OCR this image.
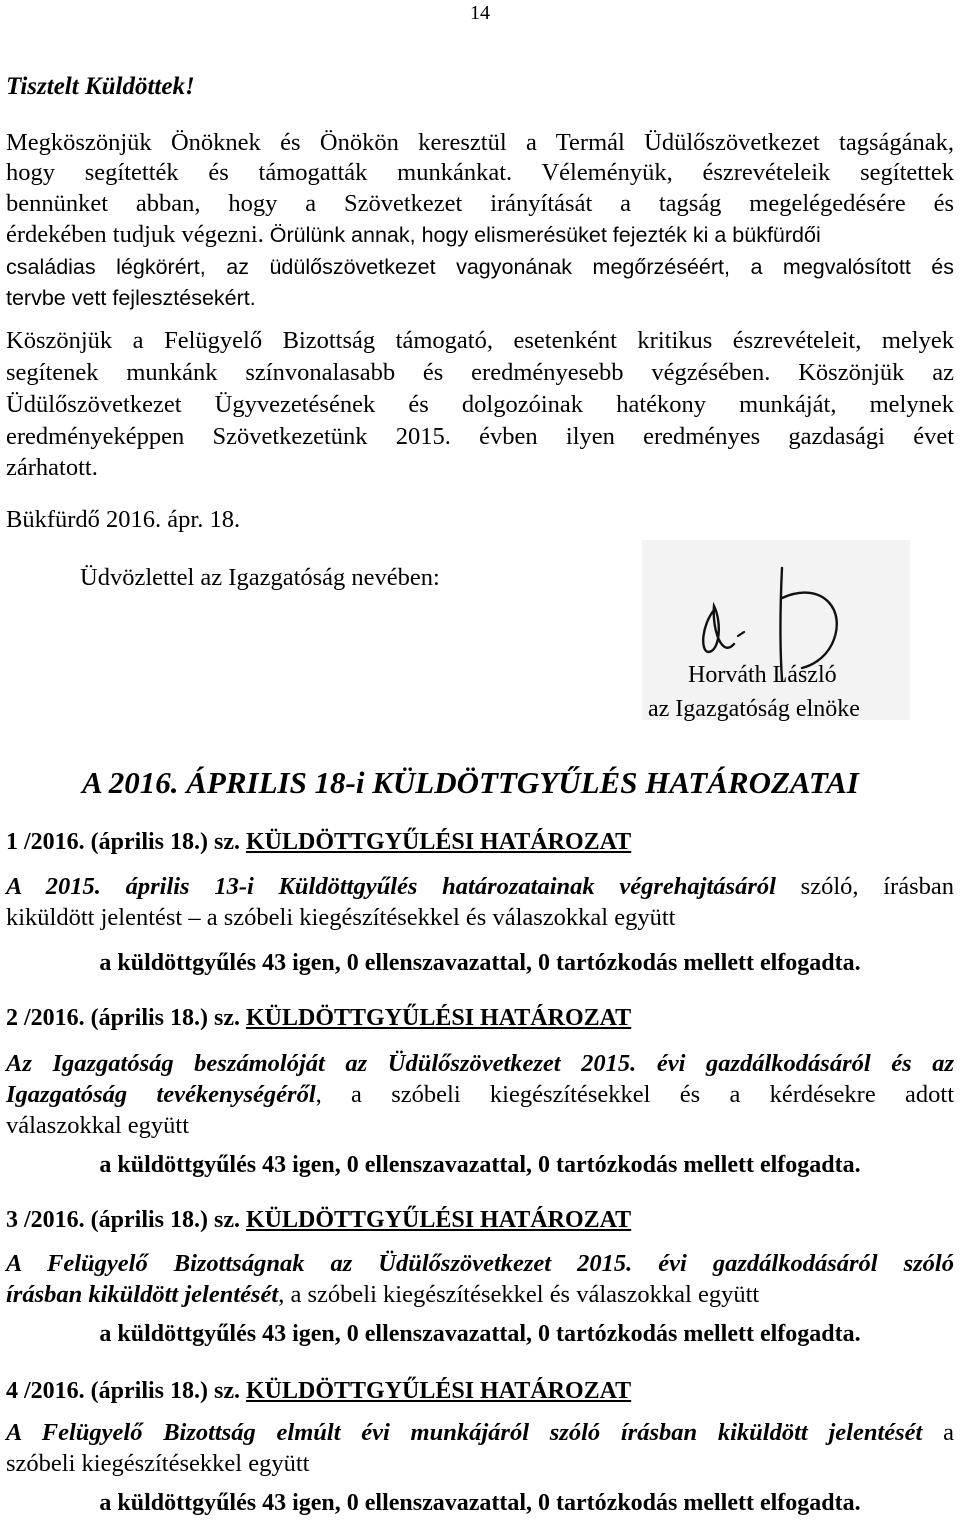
14
Tisztelt Küldöttek!
Megköszönjük Önöknek és Önökön keresztül a Termál Üdülőszövetkezet tagságának,
hogy segítették és támogatták munkánkat. Véleményük, észrevételeik segítettek
bennünket abban, hogy a Szövetkezet irányítását a tagság megelégedésére és
érdekében tudjuk végezni. Örülünk annak, hogy elismerésüket fejezték ki a bükfürdői
családias légkörért, az üdülőszövetkezet vagyonának megőrzéséért, a megvalósított és
tervbe vett fejlesztésekért.
Köszönjük a Felügyelő Bizottság támogató, esetenként kritikus észrevételeit, melyek
segítenek munkánk színvonalasabb és eredményesebb végzésében. Köszönjük az
Üdülőszövetkezet Ügyvezetésének és dolgozóinak hatékony munkáját, melynek
eredményeképpen Szövetkezetünk 2015. évben ilyen eredményes gazdasági évet
zárhatott.
Bükfürdő 2016. ápr. 18.
Üdvözlettel az Igazgatóság nevében:
Horváth László
az Igazgatóság elnöke
A 2016. ÁPRILIS 18-i KÜLDÖTTGYŰLÉS HATÁROZATAI
1 /2016. (április 18.) sz. KÜLDÖTTGYŰLÉSI HATÁROZAT
A 2015. április 13-i Küldöttgyűlés határozatainak végrehajtásáról szóló, írásban
kiküldött jelentést – a szóbeli kiegészítésekkel és válaszokkal együtt
a küldöttgyűlés 43 igen, 0 ellenszavazattal, 0 tartózkodás mellett elfogadta.
2 /2016. (április 18.) sz. KÜLDÖTTGYŰLÉSI HATÁROZAT
Az Igazgatóság beszámolóját az Üdülőszövetkezet 2015. évi gazdálkodásáról és az
Igazgatóság tevékenységéről, a szóbeli kiegészítésekkel és a kérdésekre adott
válaszokkal együtt
a küldöttgyűlés 43 igen, 0 ellenszavazattal, 0 tartózkodás mellett elfogadta.
3 /2016. (április 18.) sz. KÜLDÖTTGYŰLÉSI HATÁROZAT
A Felügyelő Bizottságnak az Üdülőszövetkezet 2015. évi gazdálkodásáról szóló
írásban kiküldött jelentését, a szóbeli kiegészítésekkel és válaszokkal együtt
a küldöttgyűlés 43 igen, 0 ellenszavazattal, 0 tartózkodás mellett elfogadta.
4 /2016. (április 18.) sz. KÜLDÖTTGYŰLÉSI HATÁROZAT
A Felügyelő Bizottság elmúlt évi munkájáról szóló írásban kiküldött jelentését a
szóbeli kiegészítésekkel együtt
a küldöttgyűlés 43 igen, 0 ellenszavazattal, 0 tartózkodás mellett elfogadta.
